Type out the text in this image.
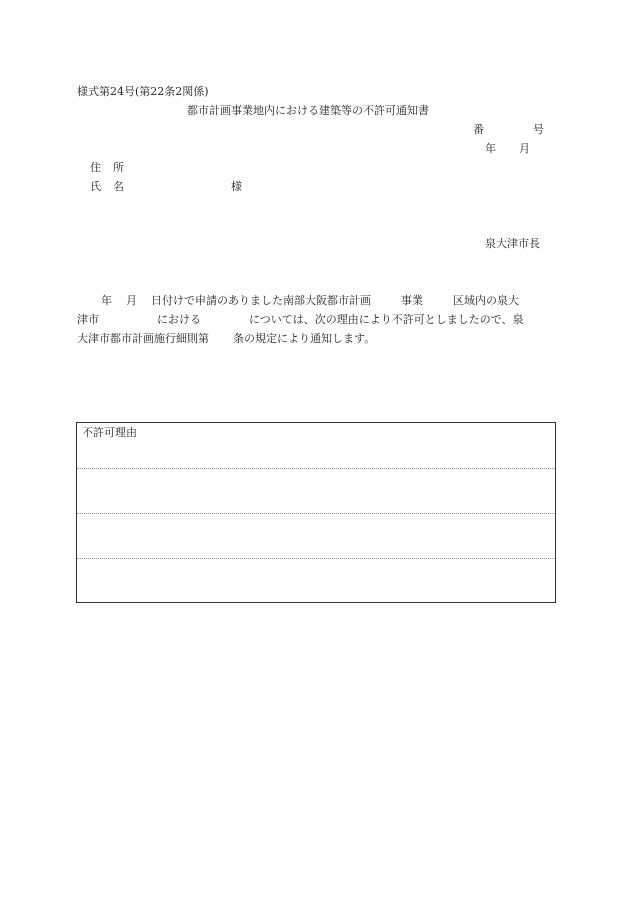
様式第24号(第22条2関係)
都市計画事業地内における建築等の不許可通知書
番	号
年 月
住 所
氏 名	様
泉大津市長
年 月 日付けで申請のありました南部大阪都市計画	事業	区域内の泉大
津市	における	については、次の理由により不許可としましたので、泉
大津市都市計画施行細則第 条の規定により通知します。
不許可理由
